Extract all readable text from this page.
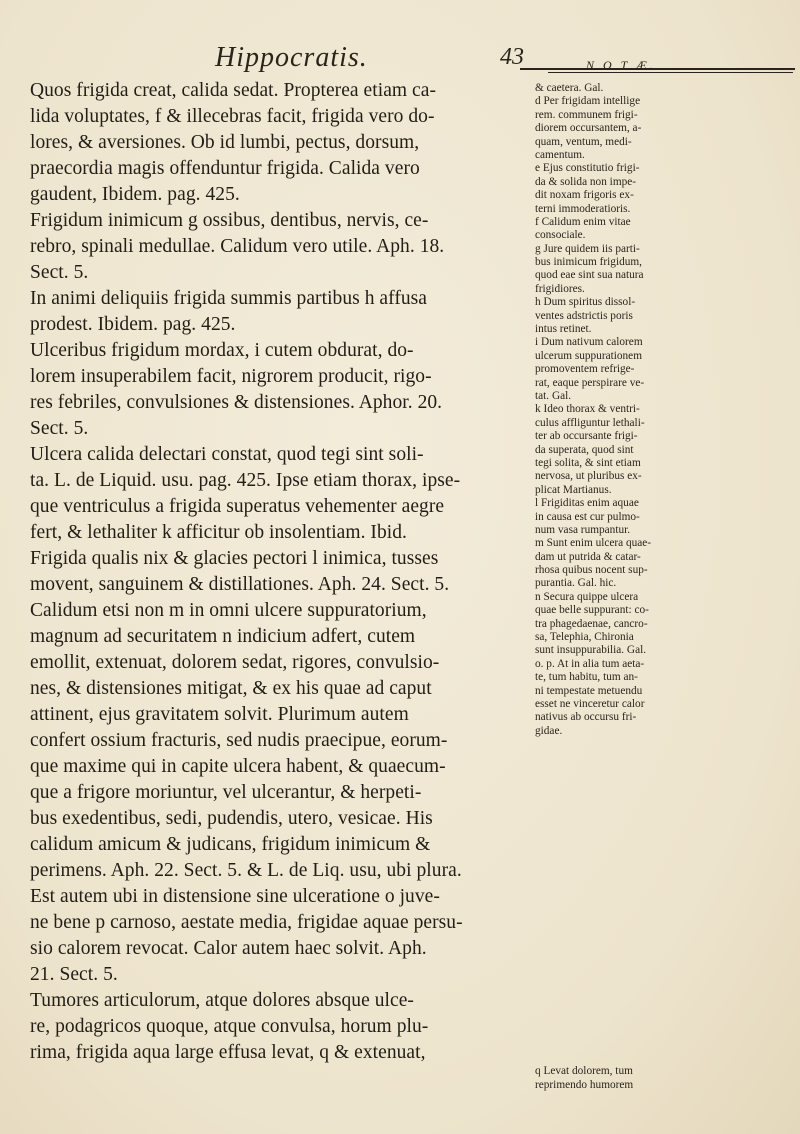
Hippocratis.	43	N O T Æ.
Quos frigida creat, calida sedat. Propterea etiam ca-
lida voluptates, f & illecebras facit, frigida vero do-
lores, & aversiones. Ob id lumbi, pectus, dorsum,
praecordia magis offenduntur frigida. Calida vero
gaudent, Ibidem. pag. 425.
Frigidum inimicum g ossibus, dentibus, nervis, ce-
rebro, spinali medullae. Calidum vero utile. Aph. 18.
Sect. 5.
In animi deliquiis frigida summis partibus h affusa
prodest. Ibidem. pag. 425.
Ulceribus frigidum mordax, i cutem obdurat, do-
lorem insuperabilem facit, nigrorem producit, rigo-
res febriles, convulsiones & distensiones. Aphor. 20.
Sect. 5.
Ulcera calida delectari constat, quod tegi sint soli-
ta. L. de Liquid. usu. pag. 425. Ipse etiam thorax, ipse-
que ventriculus a frigida superatus vehementer aegre
fert, & lethaliter k afficitur ob insolentiam. Ibid.
Frigida qualis nix & glacies pectori l inimica, tusses
movent, sanguinem & distillationes. Aph. 24. Sect. 5.
Calidum etsi non m in omni ulcere suppuratorium,
magnum ad securitatem n indicium adfert, cutem
emollit, extenuat, dolorem sedat, rigores, convulsio-
nes, & distensiones mitigat, & ex his quae ad caput
attinent, ejus gravitatem solvit. Plurimum autem
confert ossium fracturis, sed nudis praecipue, eorum-
que maxime qui in capite ulcera habent, & quaecum-
que a frigore moriuntur, vel ulcerantur, & herpeti-
bus exedentibus, sedi, pudendis, utero, vesicae. His
calidum amicum & judicans, frigidum inimicum &
perimens. Aph. 22. Sect. 5. & L. de Liq. usu, ubi plura.
Est autem ubi in distensione sine ulceratione o juve-
ne bene p carnoso, aestate media, frigidae aquae persu-
sio calorem revocat. Calor autem haec solvit. Aph.
21. Sect. 5.
Tumores articulorum, atque dolores absque ulce-
re, podagricos quoque, atque convulsa, horum plu-
rima, frigida aqua large effusa levat, q & extenuat,
& caetera. Gal.
d Per frigidam intellige
rem. communem frigi-
diorem occursantem, a-
quam, ventum, medi-
camentum.
e Ejus constitutio frigi-
da & solida non impe-
dit noxam frigoris ex-
terni immoderatioris.
f Calidum enim vitae
consociale.
g Jure quidem iis parti-
bus inimicum frigidum,
quod eae sint sua natura
frigidiores.
h Dum spiritus dissol-
ventes adstrictis poris
intus retinet.
i Dum nativum calorem
ulcerum suppurationem
promoventem refrige-
rat, eaque perspirare ve-
tat. Gal.
k Ideo thorax & ventri-
culus affliguntur lethali-
ter ab occursante frigi-
da superata, quod sint
tegi solita, & sint etiam
nervosa, ut pluribus ex-
plicat Martianus.
l Frigiditas enim aquae
in causa est cur pulmo-
num vasa rumpantur.
m Sunt enim ulcera quae-
dam ut putrida & catar-
rhosa quibus nocent sup-
purantia. Gal. hic.
n Secura quippe ulcera
quae belle suppurant: co-
tra phagedaenae, cancro-
sa, Telephia, Chironia
sunt insuppurabilia. Gal.
o. p. At in alia tum aeta-
te, tum habitu, tum an-
ni tempestate metuendu
esset ne vinceretur calor
nativus ab occursu fri-
gidae.
q Levat dolorem, tum
reprimendo humorem
